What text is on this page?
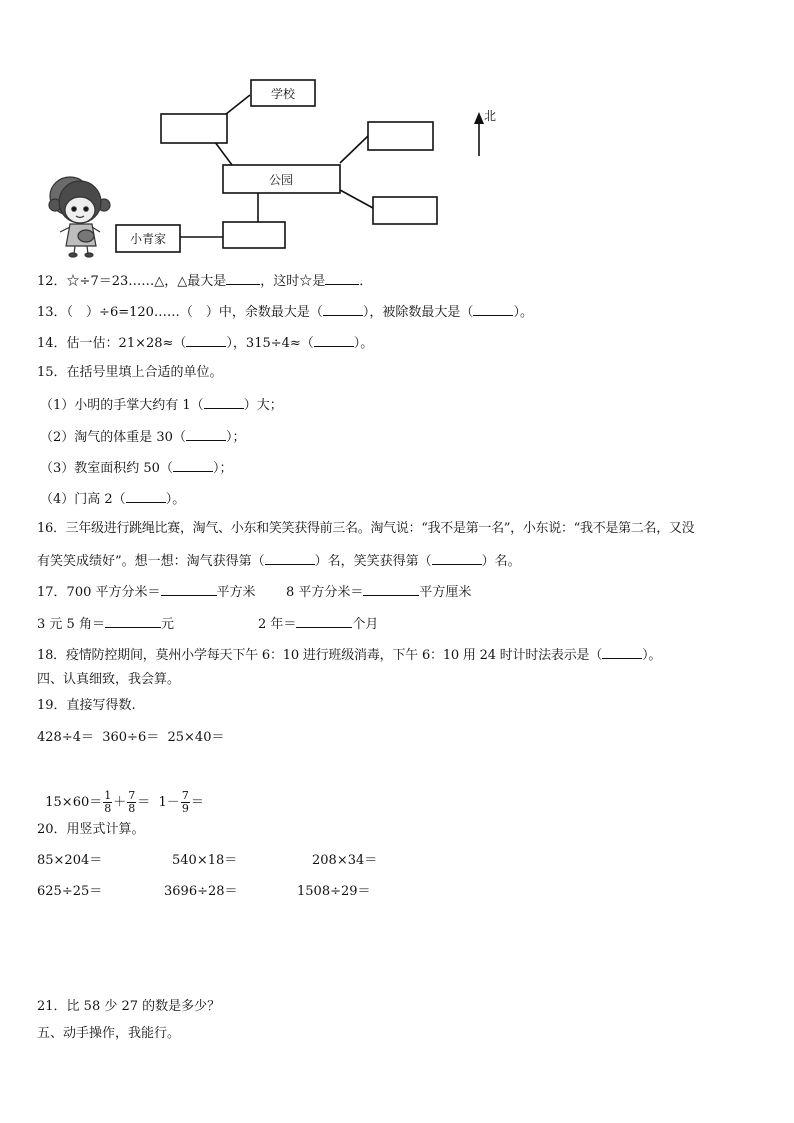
学校
公园
小青家
北
12．☆÷7＝23……△，△最大是	，这时☆是	．
13．（　）÷6=120……（　）中，余数最大是（	），被除数最大是（	）。
14．估一估：21×28≈（	），315÷4≈（	）。
15．在括号里填上合适的单位。
（1）小明的手掌大约有 1（	）大；
（2）淘气的体重是 30（	）；
（3）教室面积约 50（	）；
（4）门高 2（	）。
16．三年级进行跳绳比赛，淘气、小东和笑笑获得前三名。淘气说：“我不是第一名”，小东说：“我不是第二名，又没
有笑笑成绩好”。想一想：淘气获得第（	）名，笑笑获得第（	）名。
17．700 平方分米＝	平方米 8 平方分米＝	平方厘米
3 元 5 角＝	元	2 年＝	个月
18．疫情防控期间，莫州小学每天下午 6：10 进行班级消毒，下午 6：10 用 24 时计时法表示是（	）。
四、认真细致，我会算。
19．直接写得数.
428÷4＝  360÷6＝  25×40＝

$15\times 60= \frac{1}{8} + \frac{7}{8} = 1- \frac{7}{9}$ ＝

20．用竖式计算。
85×204＝	540×18＝	208×34＝
625÷25＝	3696÷28＝	1508÷29＝
21．比 58 少 27 的数是多少？
五、动手操作，我能行。
